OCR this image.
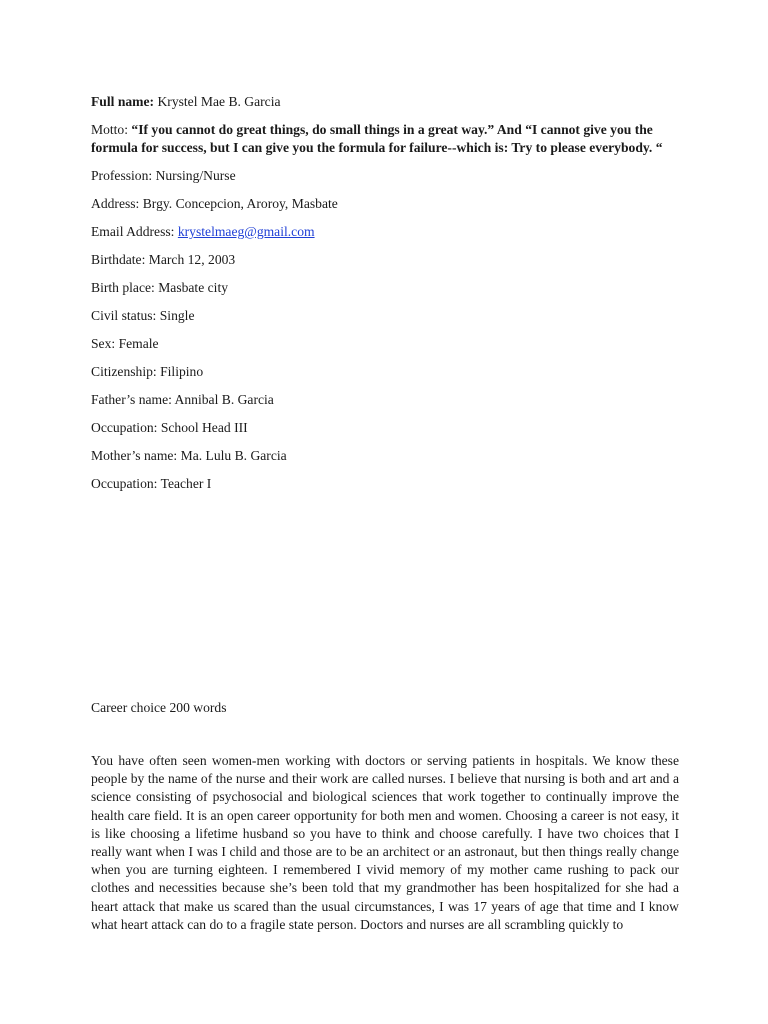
Full name: Krystel Mae B. Garcia
Motto: “If you cannot do great things, do small things in a great way.” And “I cannot give you the formula for success, but I can give you the formula for failure--which is: Try to please everybody. “
Profession: Nursing/Nurse
Address: Brgy. Concepcion, Aroroy, Masbate
Email Address: krystelmaeg@gmail.com
Birthdate: March 12, 2003
Birth place: Masbate city
Civil status: Single
Sex: Female
Citizenship: Filipino
Father’s name: Annibal B. Garcia
Occupation: School Head III
Mother’s name: Ma. Lulu B. Garcia
Occupation: Teacher I
Career choice 200 words
You have often seen women-men working with doctors or serving patients in hospitals. We know these people by the name of the nurse and their work are called nurses. I believe that nursing is both and art and a science consisting of psychosocial and biological sciences that work together to continually improve the health care field. It is an open career opportunity for both men and women. Choosing a career is not easy, it is like choosing a lifetime husband so you have to think and choose carefully. I have two choices that I really want when I was I child and those are to be an architect or an astronaut, but then things really change when you are turning eighteen. I remembered I vivid memory of my mother came rushing to pack our clothes and necessities because she’s been told that my grandmother has been hospitalized for she had a heart attack that make us scared than the usual circumstances, I was 17 years of age that time and I know what heart attack can do to a fragile state person. Doctors and nurses are all scrambling quickly to
